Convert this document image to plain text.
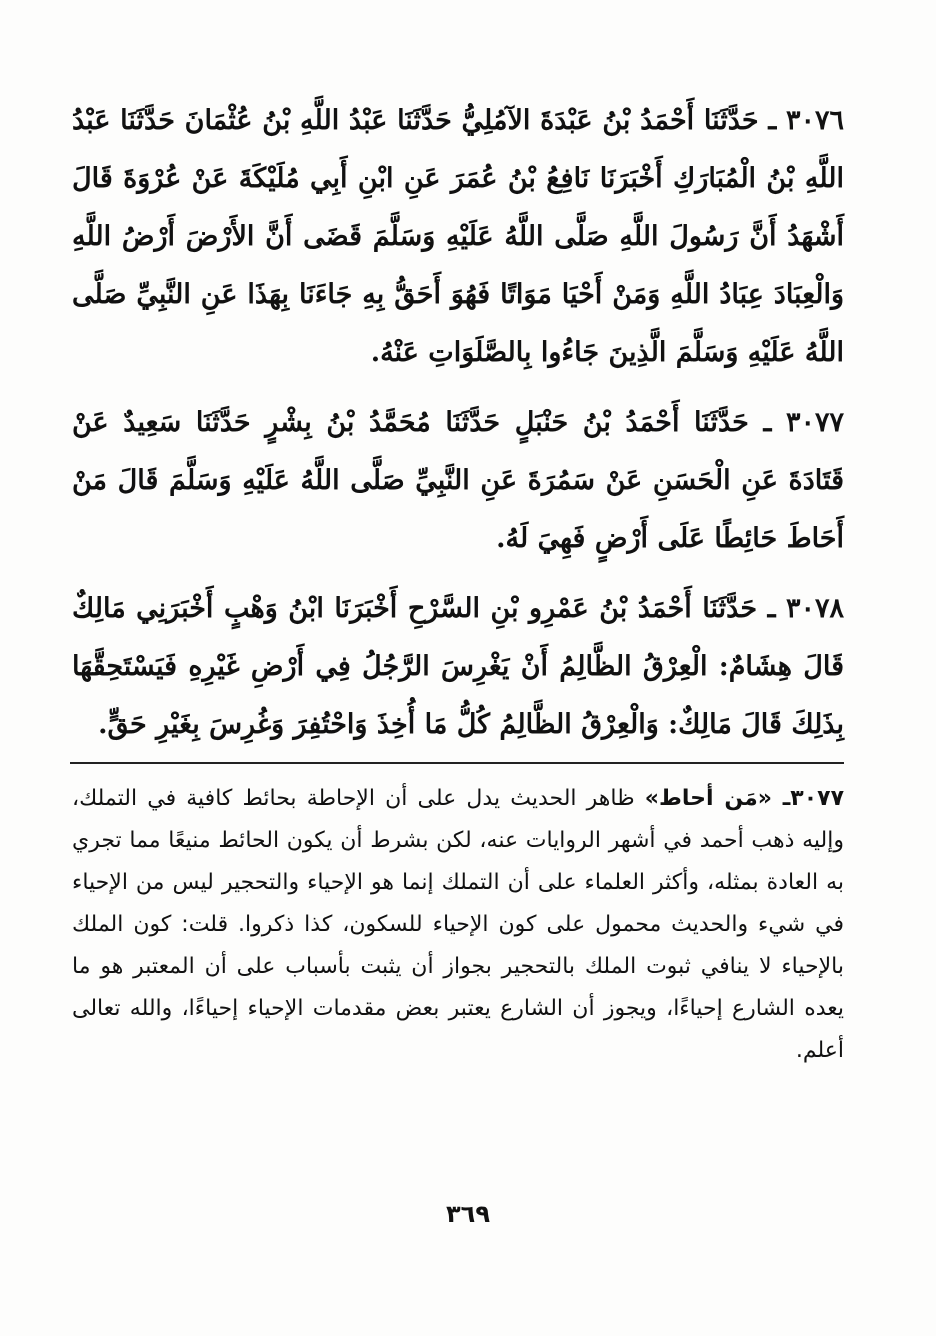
٣٠٧٦ ـ حَدَّثَنَا أَحْمَدُ بْنُ عَبْدَةَ الآمُلِيُّ حَدَّثَنَا عَبْدُ اللَّهِ بْنُ عُثْمَانَ حَدَّثَنَا عَبْدُ اللَّهِ بْنُ الْمُبَارَكِ أَخْبَرَنَا نَافِعُ بْنُ عُمَرَ عَنِ ابْنِ أَبِي مُلَيْكَةَ عَنْ عُرْوَةَ قَالَ أَشْهَدُ أَنَّ رَسُولَ اللَّهِ صَلَّى اللَّهُ عَلَيْهِ وَسَلَّمَ قَضَى أَنَّ الأَرْضَ أَرْضُ اللَّهِ وَالْعِبَادَ عِبَادُ اللَّهِ وَمَنْ أَحْيَا مَوَاتًا فَهُوَ أَحَقُّ بِهِ جَاءَنَا بِهَذَا عَنِ النَّبِيِّ صَلَّى اللَّهُ عَلَيْهِ وَسَلَّمَ الَّذِينَ جَاءُوا بِالصَّلَوَاتِ عَنْهُ.

٣٠٧٧ ـ حَدَّثَنَا أَحْمَدُ بْنُ حَنْبَلٍ حَدَّثَنَا مُحَمَّدُ بْنُ بِشْرٍ حَدَّثَنَا سَعِيدٌ عَنْ قَتَادَةَ عَنِ الْحَسَنِ عَنْ سَمُرَةَ عَنِ النَّبِيِّ صَلَّى اللَّهُ عَلَيْهِ وَسَلَّمَ قَالَ مَنْ أَحَاطَ حَائِطًا عَلَى أَرْضٍ فَهِيَ لَهُ.

٣٠٧٨ ـ حَدَّثَنَا أَحْمَدُ بْنُ عَمْرِو بْنِ السَّرْحِ أَخْبَرَنَا ابْنُ وَهْبٍ أَخْبَرَنِي مَالِكٌ قَالَ هِشَامٌ: الْعِرْقُ الظَّالِمُ أَنْ يَغْرِسَ الرَّجُلُ فِي أَرْضِ غَيْرِهِ فَيَسْتَحِقَّهَا بِذَلِكَ قَالَ مَالِكٌ: وَالْعِرْقُ الظَّالِمُ كُلُّ مَا أُخِذَ وَاحْتُفِرَ وَغُرِسَ بِغَيْرِ حَقٍّ.

٣٠٧٧ـ «مَن أحاط» ظاهر الحديث يدل على أن الإحاطة بحائط كافية في التملك، وإليه ذهب أحمد في أشهر الروايات عنه، لكن بشرط أن يكون الحائط منيعًا مما تجري به العادة بمثله، وأكثر العلماء على أن التملك إنما هو الإحياء والتحجير ليس من الإحياء في شيء والحديث محمول على كون الإحياء للسكون، كذا ذكروا. قلت: كون الملك بالإحياء لا ينافي ثبوت الملك بالتحجير بجواز أن يثبت بأسباب على أن المعتبر هو ما يعده الشارع إحياءًا، ويجوز أن الشارع يعتبر بعض مقدمات الإحياء إحياءًا، والله تعالى أعلم.
٣٦٩
